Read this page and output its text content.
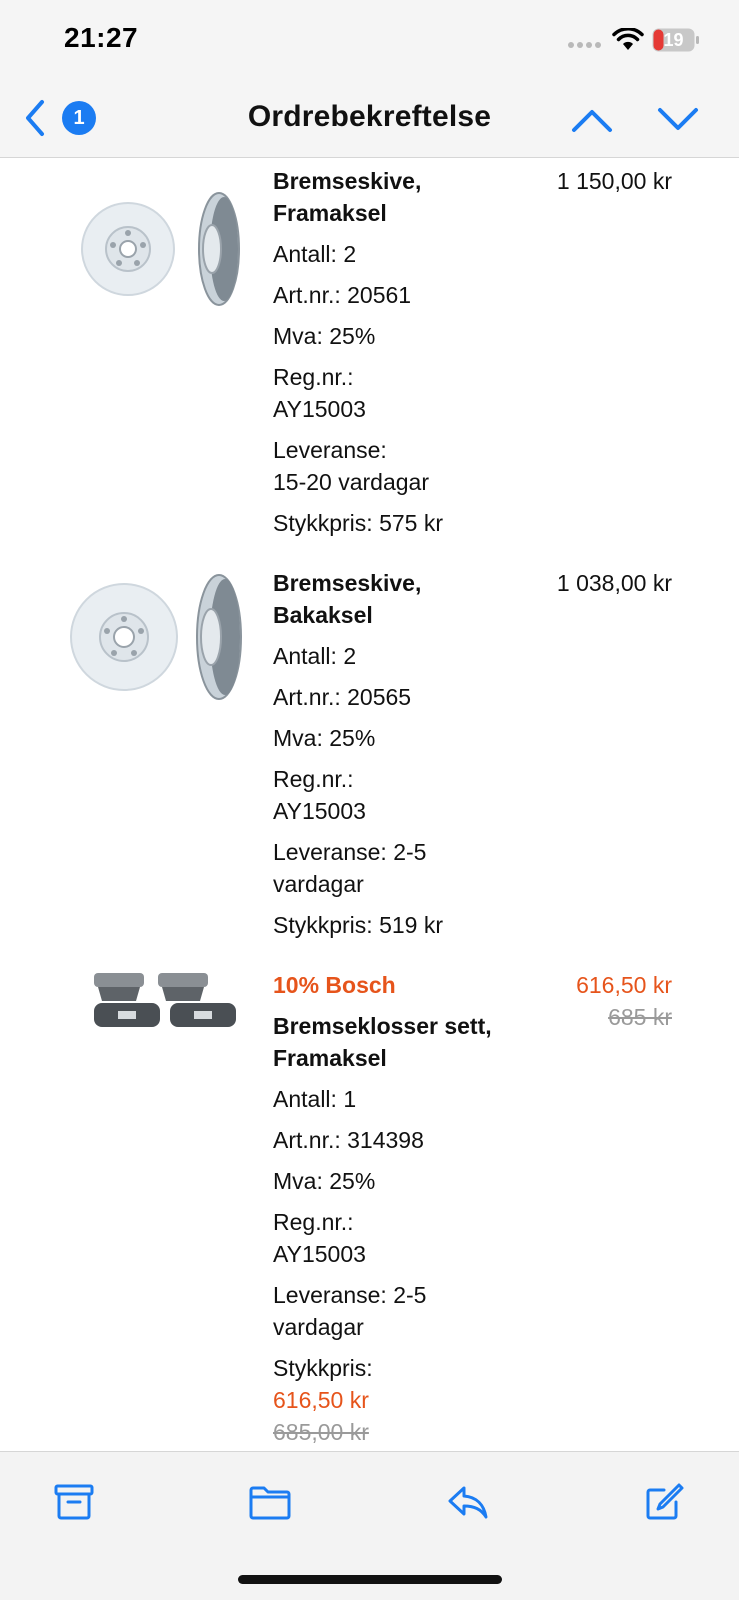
21:27	19
1	Ordrebekreftelse
Bremseskive, Framaksel
Antall: 2
Art.nr.: 20561
Mva: 25%
Reg.nr.:
AY15003
Leveranse:
15-20 vardagar
Stykkpris: 575 kr
1 150,00 kr
Bremseskive, Bakaksel
Antall: 2
Art.nr.: 20565
Mva: 25%
Reg.nr.:
AY15003
Leveranse: 2-5
vardagar
Stykkpris: 519 kr
1 038,00 kr
10% Bosch
Bremseklosser sett, Framaksel
Antall: 1
Art.nr.: 314398
Mva: 25%
Reg.nr.:
AY15003
Leveranse: 2-5
vardagar
Stykkpris:
616,50 kr
685,00 kr
616,50 kr
685 kr
